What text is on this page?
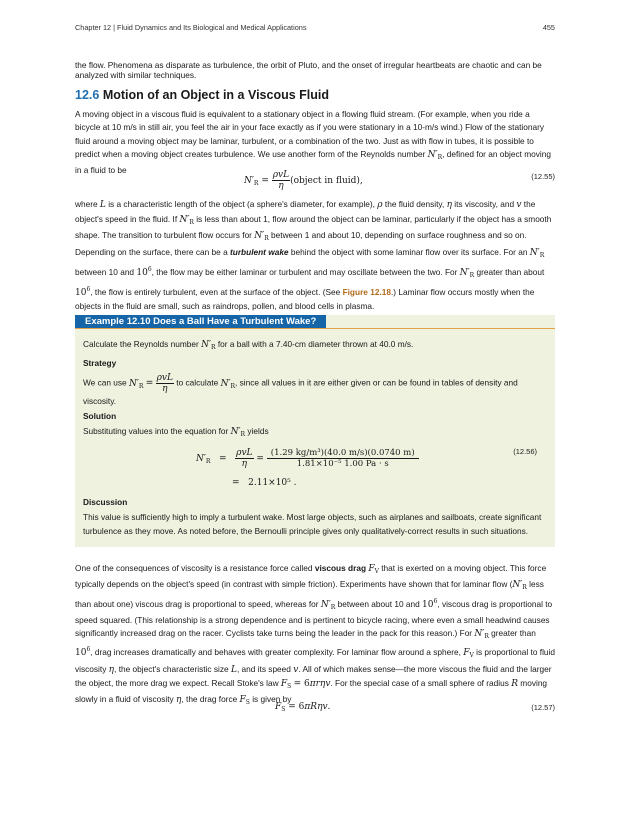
Chapter 12 | Fluid Dynamics and Its Biological and Medical Applications	455

the flow. Phenomena as disparate as turbulence, the orbit of Pluto, and the onset of irregular heartbeats are chaotic and can be analyzed with similar techniques.

12.6 Motion of an Object in a Viscous Fluid

A moving object in a viscous fluid is equivalent to a stationary object in a flowing fluid stream. (For example, when you ride a bicycle at 10 m/s in still air, you feel the air in your face exactly as if you were stationary in a 10-m/s wind.) Flow of the stationary fluid around a moving object may be laminar, turbulent, or a combination of the two. Just as with flow in tubes, it is possible to predict when a moving object creates turbulence. We use another form of the Reynolds number $N'_R$, defined for an object moving in a fluid to be

$N'_R = \frac{\text{ρvL}}{\eta}$ (object in fluid),	(12.55)

where L is a characteristic length of the object (a sphere's diameter, for example), ρ the fluid density, η its viscosity, and v the object's speed in the fluid. If $N'_R$ is less than about 1, flow around the object can be laminar, particularly if the object has a smooth shape. The transition to turbulent flow occurs for $N'_R$ between 1 and about 10, depending on surface roughness and so on. Depending on the surface, there can be a turbulent wake behind the object with some laminar flow over its surface. For an $N'_R$ between 10 and $10^6$, the flow may be either laminar or turbulent and may oscillate between the two. For $N'_R$ greater than about $10^6$, the flow is entirely turbulent, even at the surface of the object. (See Figure 12.18.) Laminar flow occurs mostly when the objects in the fluid are small, such as raindrops, pollen, and blood cells in plasma.

Example 12.10 Does a Ball Have a Turbulent Wake?

Calculate the Reynolds number $N'_R$ for a ball with a 7.40-cm diameter thrown at 40.0 m/s.

Strategy

We can use $N'_R = \frac{\text{ρvL}}{\eta}$ to calculate $N'_R$, since all values in it are either given or can be found in tables of density and viscosity.

Solution

Substituting values into the equation for $N'_R$ yields

$N'_R = \frac{\text{ρvL}}{\eta} = \frac{\text{(1.29 kg/m³)(40.0 m/s)(0.0740 m)}}{\text{1.81×10⁻⁵ 1.00 Pa · s}}$
=   2.11×10⁵ .
(12.56)

Discussion

This value is sufficiently high to imply a turbulent wake. Most large objects, such as airplanes and sailboats, create significant turbulence as they move. As noted before, the Bernoulli principle gives only qualitatively-correct results in such situations.

One of the consequences of viscosity is a resistance force called viscous drag $F_V$ that is exerted on a moving object. This force typically depends on the object's speed (in contrast with simple friction). Experiments have shown that for laminar flow ($N'_R$ less than about one) viscous drag is proportional to speed, whereas for $N'_R$ between about 10 and $10^6$, viscous drag is proportional to speed squared. (This relationship is a strong dependence and is pertinent to bicycle racing, where even a small headwind causes significantly increased drag on the racer. Cyclists take turns being the leader in the pack for this reason.) For $N'_R$ greater than $10^6$, drag increases dramatically and behaves with greater complexity. For laminar flow around a sphere, $F_V$ is proportional to fluid viscosity η, the object's characteristic size L, and its speed v. All of which makes sense—the more viscous the fluid and the larger the object, the more drag we expect. Recall Stoke's law $F_S = 6\pi r\eta v$. For the special case of a small sphere of radius R moving slowly in a fluid of viscosity η, the drag force $F_S$ is given by

$F_S = 6\pi R\eta v$.	(12.57)
